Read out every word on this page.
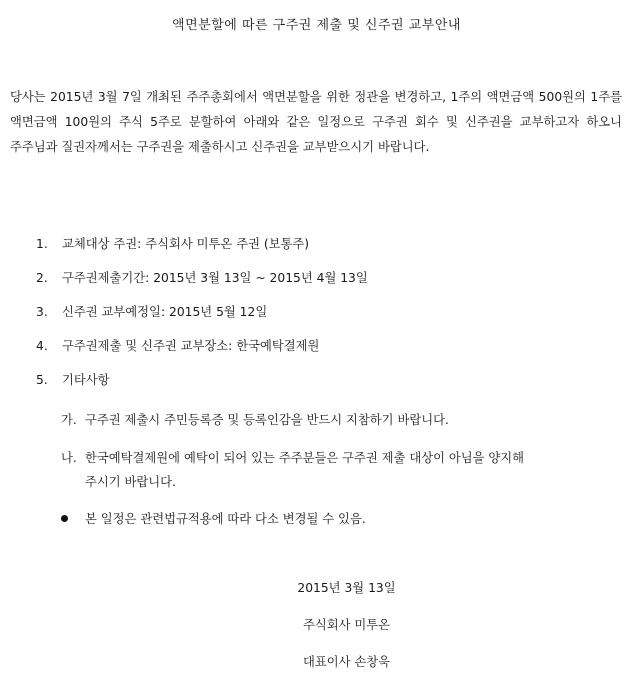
액면분할에 따른 구주권 제출 및 신주권 교부안내
당사는 2015년 3월 7일 개최된 주주총회에서 액면분할을 위한 정관을 변경하고, 1주의 액면금액 500원의 1주를 액면금액 100원의 주식 5주로 분할하여 아래와 같은 일정으로 구주권 회수 및 신주권을 교부하고자 하오니 주주님과 질권자께서는 구주권을 제출하시고 신주권을 교부받으시기 바랍니다.
1. 교체대상 주권: 주식회사 미투온 주권 (보통주)
2. 구주권제출기간: 2015년 3월 13일 ~ 2015년 4월 13일
3. 신주권 교부예정일: 2015년 5월 12일
4. 구주권제출 및 신주권 교부장소: 한국예탁결제원
5. 기타사항
가. 구주권 제출시 주민등록증 및 등록인감을 반드시 지참하기 바랍니다.
나. 한국예탁결제원에 예탁이 되어 있는 주주분들은 구주권 제출 대상이 아님을 양지해
주시기 바랍니다.
본 일정은 관련법규적용에 따라 다소 변경될 수 있음.
2015년 3월 13일
주식회사 미투온
대표이사 손창욱
